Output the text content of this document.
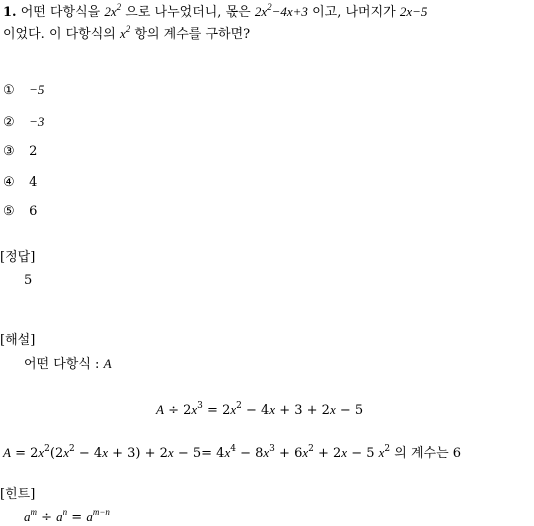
1. 어떤 다항식을 $2x^2$ 으로 나누었더니, 몫은 $2x^2-4x+3$ 이고, 나머지가 2x−5
이었다. 이 다항식의 $x^2$ 항의 계수를 구하면?
① −5
② −3
③ 2
④ 4
⑤ 6
[정답]
5
[해설]
어떤 다항식 : A
$A \div 2x^3 = 2x^2 - 4x + 3 + 2x - 5$
$A = 2x^2(2x^2 - 4x + 3) + 2x - 5= 4x^4 - 8x^3 + 6x^2 + 2x - 5$ $x^2$ 의 계수는 6
[힌트]
$a^m \div a^n = a^{m-n}$
